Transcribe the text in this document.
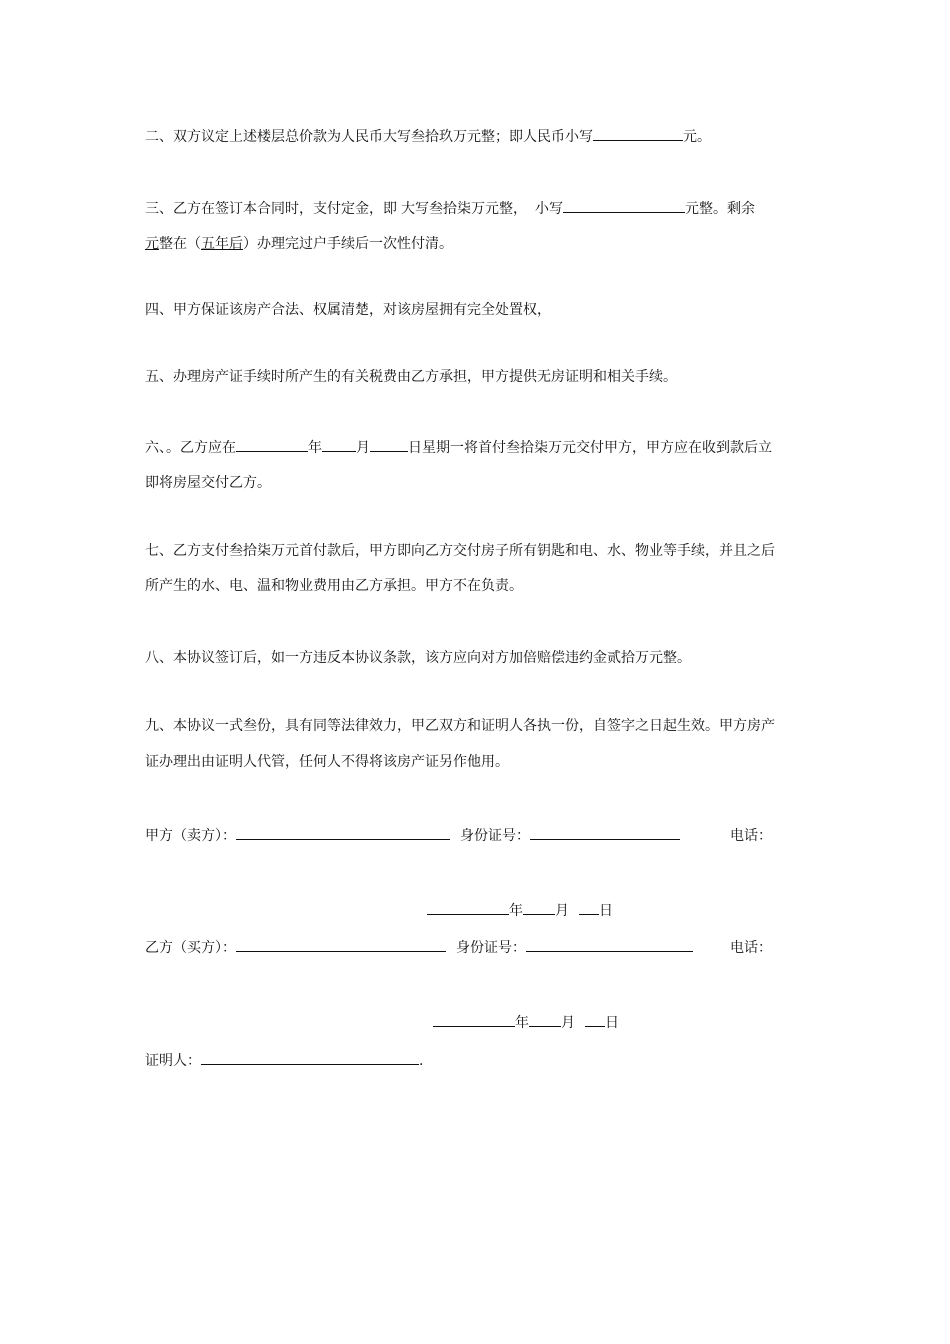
二、双方议定上述楼层总价款为人民币大写叁拾玖万元整；即人民币小写	元。
三、乙方在签订本合同时，支付定金，即 大写叁拾柒万元整， 小写	元整。剩余
元整在（五年后）办理完过户手续后一次性付清。
四、甲方保证该房产合法、权属清楚，对该房屋拥有完全处置权，
五、办理房产证手续时所产生的有关税费由乙方承担，甲方提供无房证明和相关手续。
六、。乙方应在	年 月	日星期一将首付叁拾柒万元交付甲方，甲方应在收到款后立
即将房屋交付乙方。
七、乙方支付叁拾柒万元首付款后，甲方即向乙方交付房子所有钥匙和电、水、物业等手续，并且之后
所产生的水、电、温和物业费用由乙方承担。甲方不在负责。
八、本协议签订后，如一方违反本协议条款，该方应向对方加倍赔偿违约金贰拾万元整。
九、本协议一式叁份，具有同等法律效力，甲乙双方和证明人各执一份，自签字之日起生效。甲方房产
证办理出由证明人代管，任何人不得将该房产证另作他用。
甲方（卖方）：	身份证号：	电话：
年 月 日
乙方（买方）：	身份证号：	电话：
年 月 日
证明人：	.
